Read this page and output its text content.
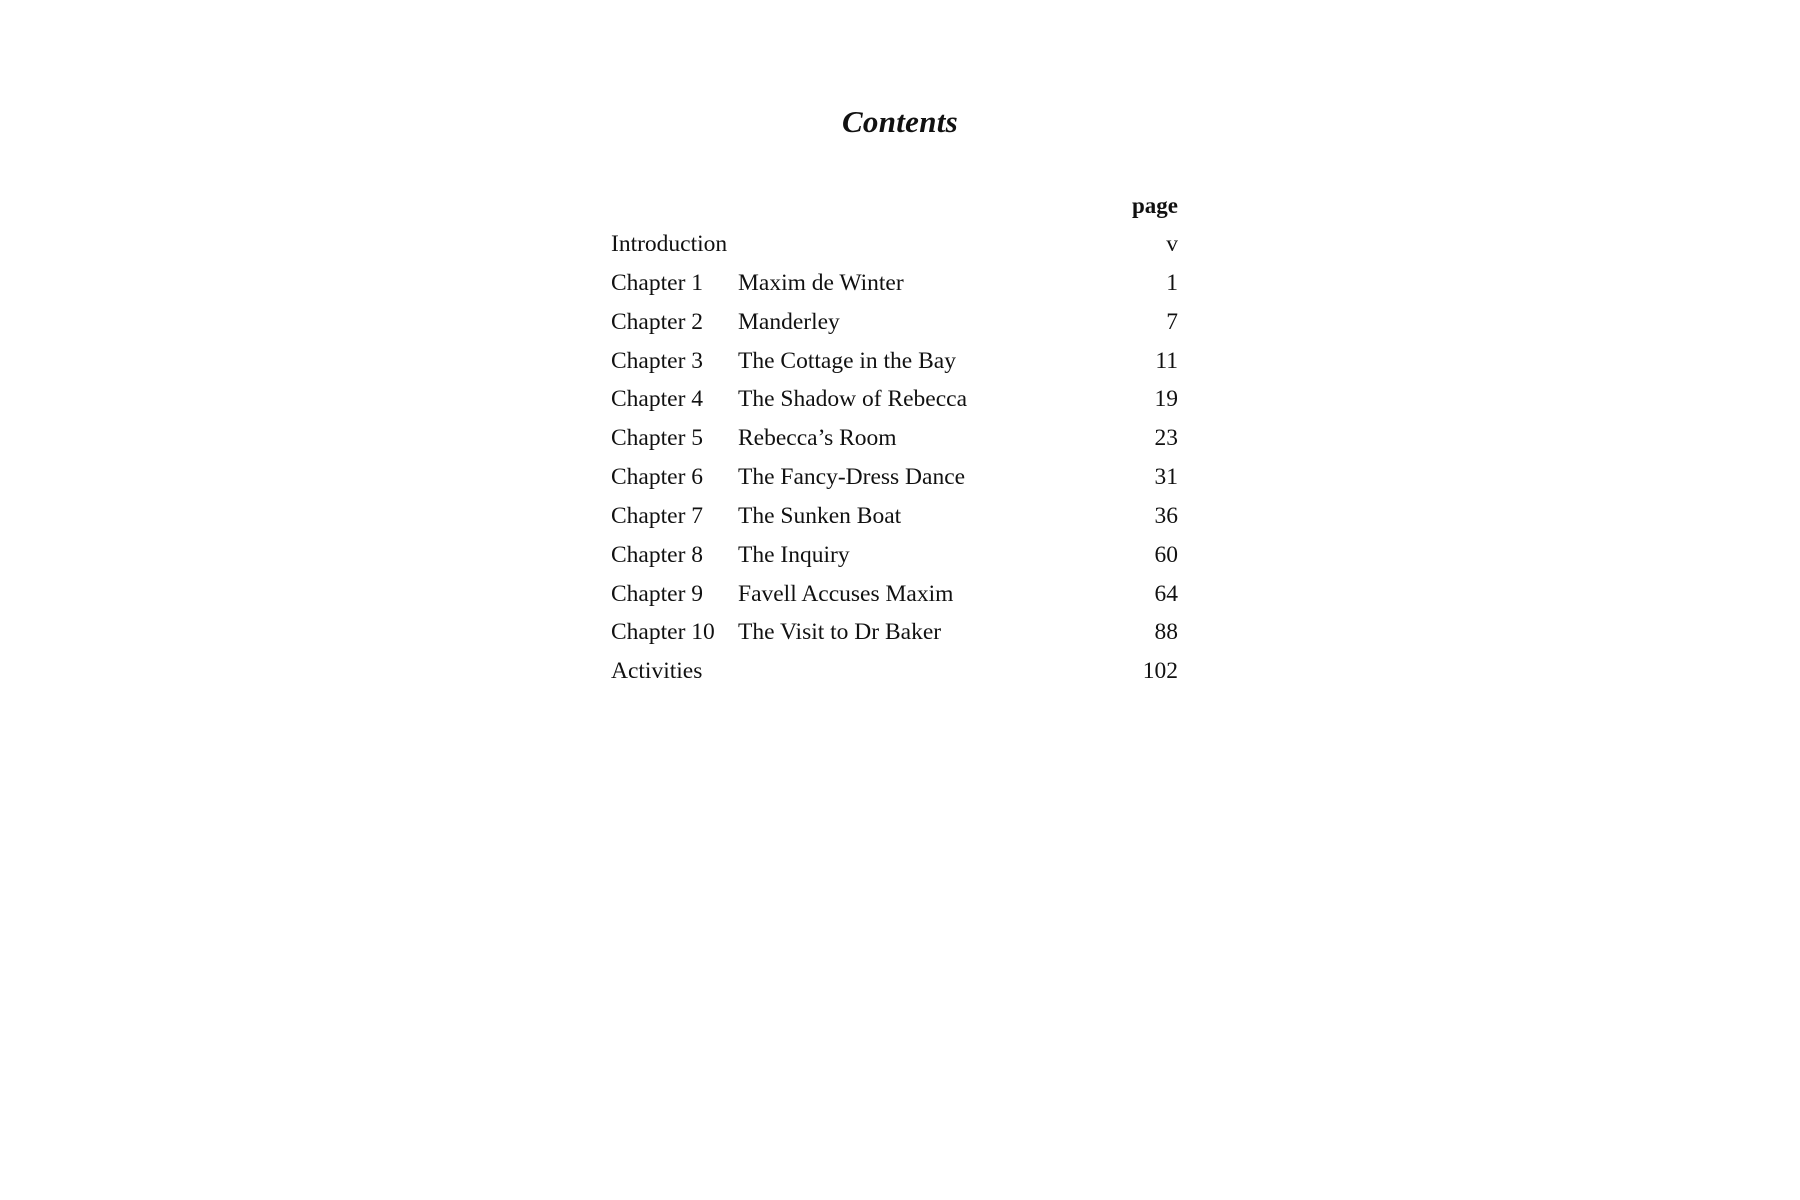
Contents
page
Introduction	v
Chapter 1	Maxim de Winter	1
Chapter 2	Manderley	7
Chapter 3	The Cottage in the Bay	11
Chapter 4	The Shadow of Rebecca	19
Chapter 5	Rebecca’s Room	23
Chapter 6	The Fancy-Dress Dance	31
Chapter 7	The Sunken Boat	36
Chapter 8	The Inquiry	60
Chapter 9	Favell Accuses Maxim	64
Chapter 10 The Visit to Dr Baker	88
Activities	102
